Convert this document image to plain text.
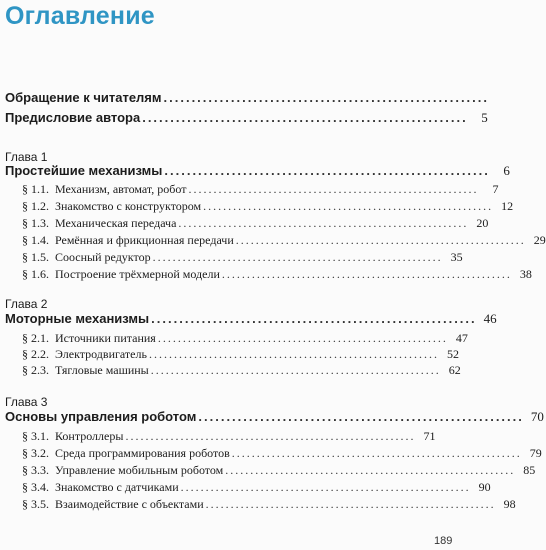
Оглавление
Обращение к читателям ..........................................................
Предисловие автора ..........................................................	5
Глава 1
Простейшие механизмы ..........................................................	6
§ 1.1. Механизм, автомат, робот ..........................................................	7
§ 1.2. Знакомство с конструктором .......................................................... 12
§ 1.3. Механическая передача .......................................................... 20
§ 1.4. Ремённая и фрикционная передачи .......................................................... 29
§ 1.5. Соосный редуктор .......................................................... 35
§ 1.6. Построение трёхмерной модели .......................................................... 38
Глава 2
Моторные механизмы .......................................................... 46
§ 2.1. Источники питания .......................................................... 47
§ 2.2. Электродвигатель .......................................................... 52
§ 2.3. Тягловые машины .......................................................... 62
Глава 3
Основы управления роботом .......................................................... 70
§ 3.1. Контроллеры .......................................................... 71
§ 3.2. Среда программирования роботов .......................................................... 79
§ 3.3. Управление мобильным роботом .......................................................... 85
§ 3.4. Знакомство с датчиками .......................................................... 90
§ 3.5. Взаимодействие с объектами .......................................................... 98
189
